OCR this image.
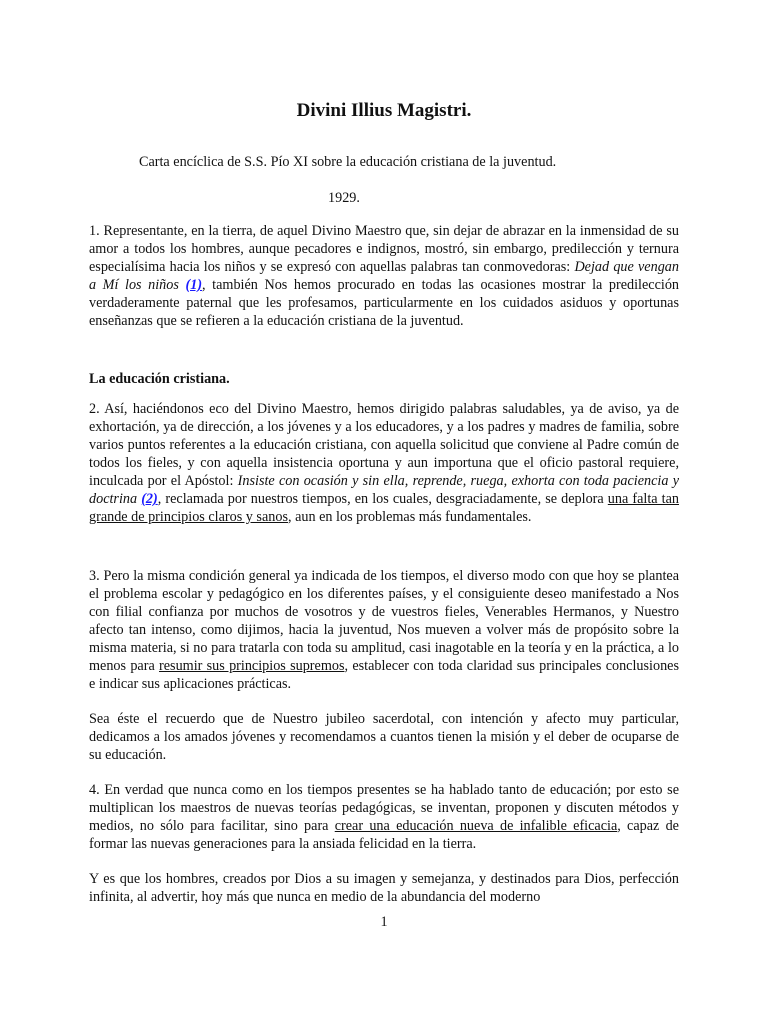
Divini Illius Magistri.

Carta encíclica de S.S. Pío XI sobre la educación cristiana de la juventud.

1929.

1. Representante, en la tierra, de aquel Divino Maestro que, sin dejar de abrazar en la inmensidad de su amor a todos los hombres, aunque pecadores e indignos, mostró, sin embargo, predilección y ternura especialísima hacia los niños y se expresó con aquellas palabras tan conmovedoras: Dejad que vengan a Mí los niños (1), también Nos hemos procurado en todas las ocasiones mostrar la predilección verdaderamente paternal que les profesamos, particularmente en los cuidados asiduos y oportunas enseñanzas que se refieren a la educación cristiana de la juventud.

La educación cristiana.

2. Así, haciéndonos eco del Divino Maestro, hemos dirigido palabras saludables, ya de aviso, ya de exhortación, ya de dirección, a los jóvenes y a los educadores, y a los padres y madres de familia, sobre varios puntos referentes a la educación cristiana, con aquella solicitud que conviene al Padre común de todos los fieles, y con aquella insistencia oportuna y aun importuna que el oficio pastoral requiere, inculcada por el Apóstol: Insiste con ocasión y sin ella, reprende, ruega, exhorta con toda paciencia y doctrina (2), reclamada por nuestros tiempos, en los cuales, desgraciadamente, se deplora una falta tan grande de principios claros y sanos, aun en los problemas más fundamentales.

3. Pero la misma condición general ya indicada de los tiempos, el diverso modo con que hoy se plantea el problema escolar y pedagógico en los diferentes países, y el consiguiente deseo manifestado a Nos con filial confianza por muchos de vosotros y de vuestros fieles, Venerables Hermanos, y Nuestro afecto tan intenso, como dijimos, hacia la juventud, Nos mueven a volver más de propósito sobre la misma materia, si no para tratarla con toda su amplitud, casi inagotable en la teoría y en la práctica, a lo menos para resumir sus principios supremos, establecer con toda claridad sus principales conclusiones e indicar sus aplicaciones prácticas.

Sea éste el recuerdo que de Nuestro jubileo sacerdotal, con intención y afecto muy particular, dedicamos a los amados jóvenes y recomendamos a cuantos tienen la misión y el deber de ocuparse de su educación.

4. En verdad que nunca como en los tiempos presentes se ha hablado tanto de educación; por esto se multiplican los maestros de nuevas teorías pedagógicas, se inventan, proponen y discuten métodos y medios, no sólo para facilitar, sino para crear una educación nueva de infalible eficacia, capaz de formar las nuevas generaciones para la ansiada felicidad en la tierra.

Y es que los hombres, creados por Dios a su imagen y semejanza, y destinados para Dios, perfección infinita, al advertir, hoy más que nunca en medio de la abundancia del moderno

1
